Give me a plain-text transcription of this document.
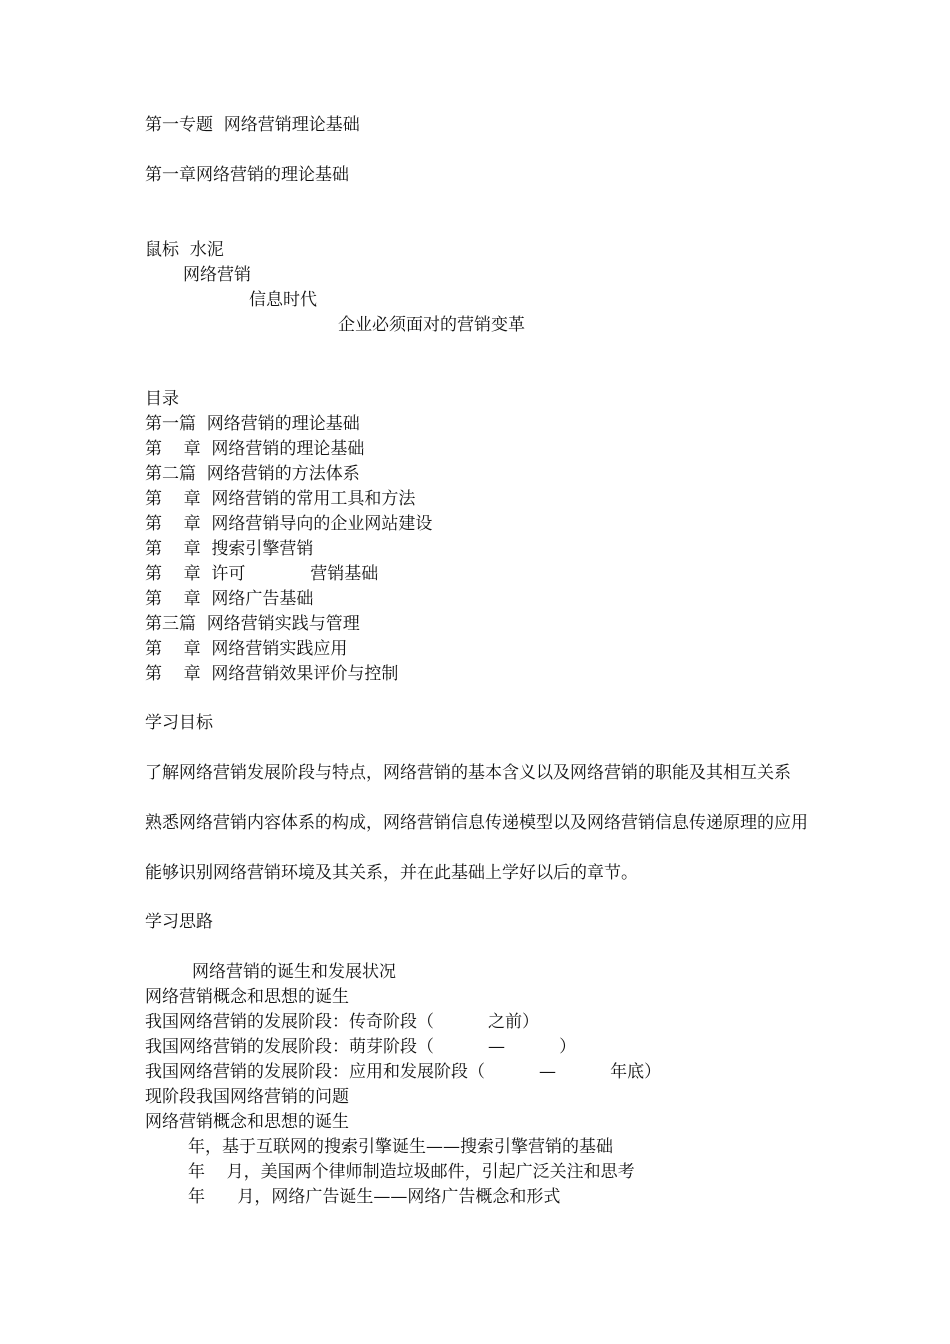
第一专题  网络营销理论基础
第一章网络营销的理论基础
鼠标  水泥
网络营销
信息时代
企业必须面对的营销变革
目录
第一篇  网络营销的理论基础
第    章  网络营销的理论基础
第二篇  网络营销的方法体系
第    章  网络营销的常用工具和方法
第    章  网络营销导向的企业网站建设
第    章  搜索引擎营销
第    章  许可            营销基础
第    章  网络广告基础
第三篇  网络营销实践与管理
第    章  网络营销实践应用
第    章  网络营销效果评价与控制
学习目标
了解网络营销发展阶段与特点，网络营销的基本含义以及网络营销的职能及其相互关系
熟悉网络营销内容体系的构成，网络营销信息传递模型以及网络营销信息传递原理的应用
能够识别网络营销环境及其关系，并在此基础上学好以后的章节。
学习思路
网络营销的诞生和发展状况
网络营销概念和思想的诞生
我国网络营销的发展阶段：传奇阶段（          之前）
我国网络营销的发展阶段：萌芽阶段（          —          ）
我国网络营销的发展阶段：应用和发展阶段（          —          年底）
现阶段我国网络营销的问题
网络营销概念和思想的诞生
年，基于互联网的搜索引擎诞生——搜索引擎营销的基础
年    月，美国两个律师制造垃圾邮件，引起广泛关注和思考
年      月，网络广告诞生——网络广告概念和形式
